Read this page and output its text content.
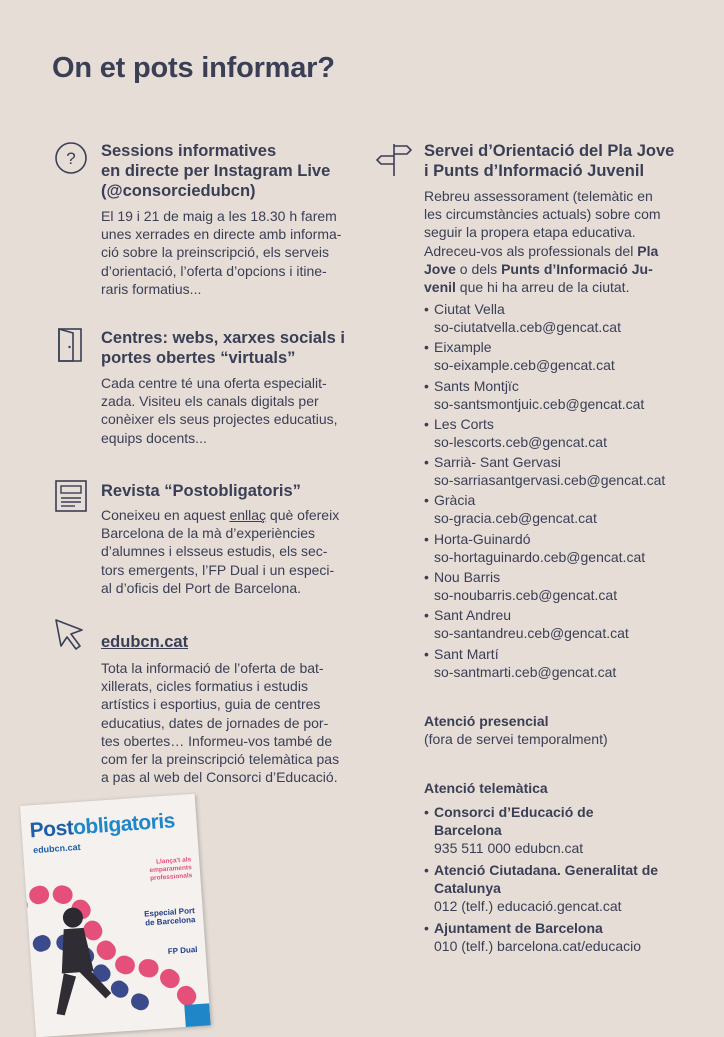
On et pots informar?
? Sessions informatives
en directe per Instagram Live
(@consorciedubcn)

El 19 i 21 de maig a les 18.30 h farem
unes xerrades en directe amb informa-
ció sobre la preinscripció, els serveis
d’orientació, l’oferta d’opcions i itine-
raris formatius...

Centres: webs, xarxes socials i
portes obertes “virtuals”

Cada centre té una oferta especialit-
zada. Visiteu els canals digitals per
conèixer els seus projectes educatius,
equips docents...

Revista “Postobligatoris”

Coneixeu en aquest enllaç què ofereix
Barcelona de la mà d’experiències
d’alumnes i elsseus estudis, els sec-
tors emergents, l’FP Dual i un especi-
al d’oficis del Port de Barcelona.

edubcn.cat

Tota la informació de l’oferta de bat-
xillerats, cicles formatius i estudis
artístics i esportius, guia de centres
educatius, dates de jornades de por-
tes obertes… Informeu-vos també de
com fer la preinscripció telemàtica pas
a pas al web del Consorci d’Educació.

Servei d’Orientació del Pla Jove
i Punts d’Informació Juvenil

Rebreu assessorament (telemàtic en
les circumstàncies actuals) sobre com
seguir la propera etapa educativa.
Adreceu-vos als professionals del Pla
Jove o dels Punts d’Informació Ju-
venil que hi ha arreu de la ciutat.

• Ciutat Vella
so-ciutatvella.ceb@gencat.cat
• Eixample
so-eixample.ceb@gencat.cat
• Sants Montjïc
so-santsmontjuic.ceb@gencat.cat
• Les Corts
so-lescorts.ceb@gencat.cat
• Sarrià- Sant Gervasi
so-sarriasantgervasi.ceb@gencat.cat
• Gràcia
so-gracia.ceb@gencat.cat
• Horta-Guinardó
so-hortaguinardo.ceb@gencat.cat
• Nou Barris
so-noubarris.ceb@gencat.cat
• Sant Andreu
so-santandreu.ceb@gencat.cat
• Sant Martí
so-santmarti.ceb@gencat.cat

Atenció presencial

(fora de servei temporalment)

Atenció telemàtica

• Consorci d’Educació de
Barcelona
935 511 000 edubcn.cat
• Atenció Ciutadana. Generalitat de
Catalunya
012 (telf.) educació.gencat.cat
• Ajuntament de Barcelona
010 (telf.) barcelona.cat/educacio
Postobligatoris
edubcn.cat
Llança't als
emparaments
professionals
Especial Port
de Barcelona
FP Dual
